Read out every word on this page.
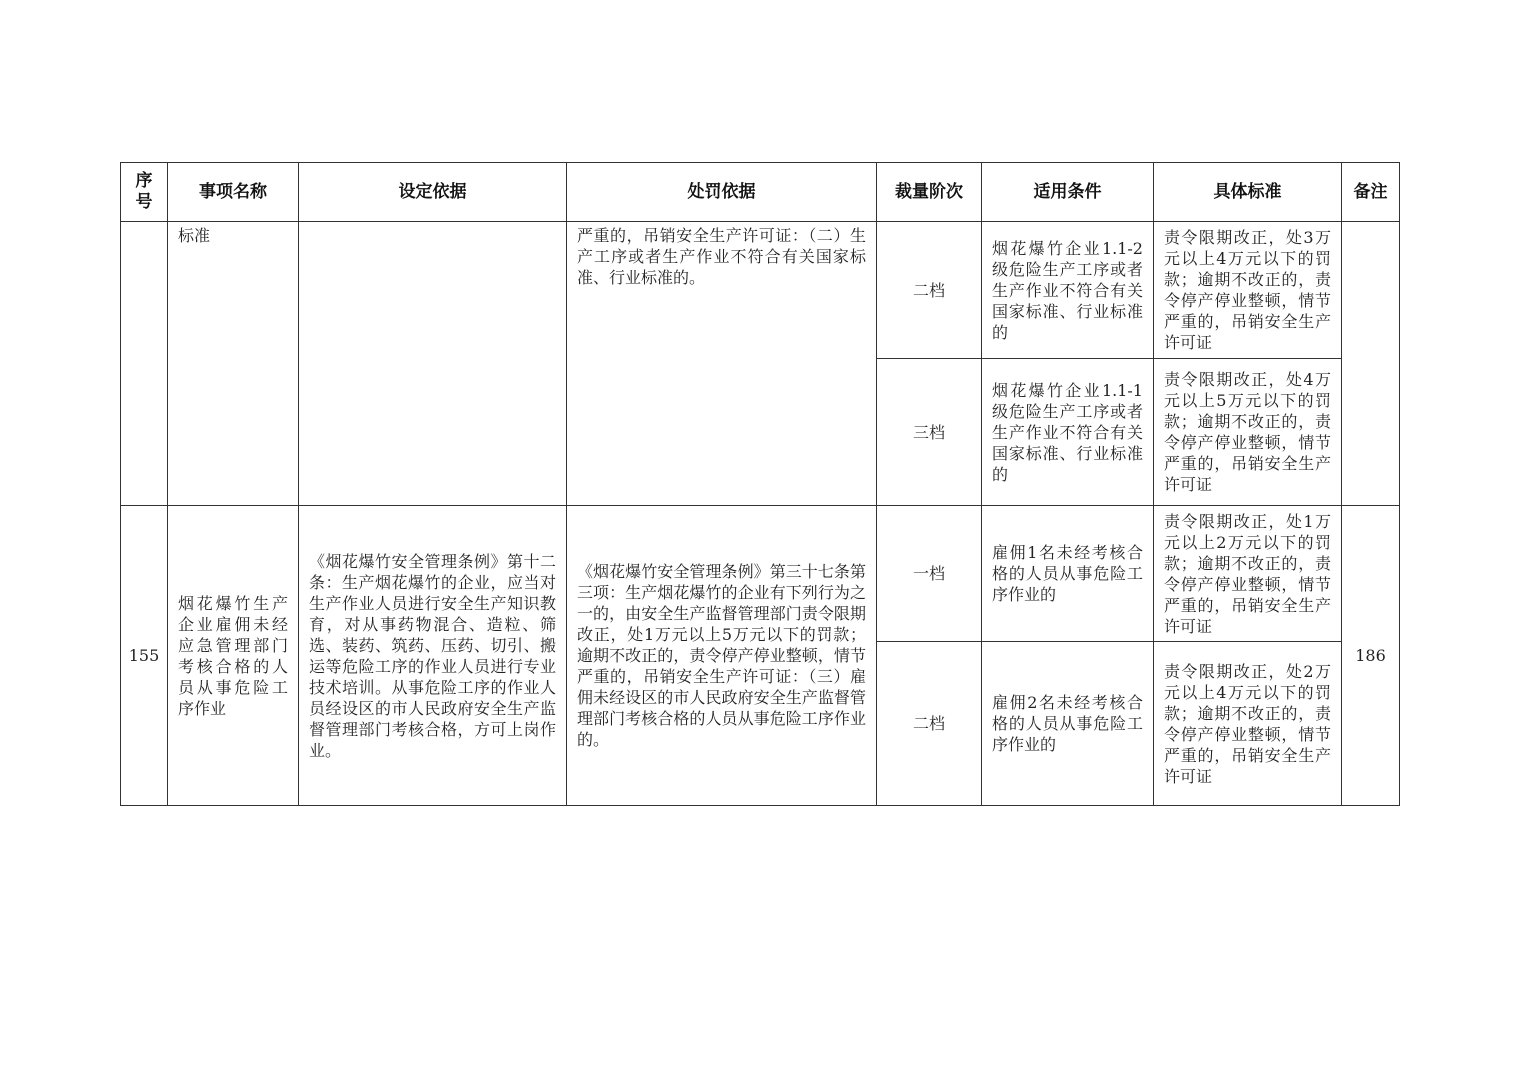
序号	事项名称	设定依据	处罚依据	裁量阶次	适用条件	具体标准	备注

	标准		严重的，吊销安全生产许可证：（二）生产工序或者生产作业不符合有关国家标准、行业标准的。	二档	烟花爆竹企业1.1-2级危险生产工序或者生产作业不符合有关国家标准、行业标准的	责令限期改正，处3万元以上4万元以下的罚款；逾期不改正的，责令停产停业整顿，情节严重的，吊销安全生产许可证	

				三档	烟花爆竹企业1.1-1级危险生产工序或者生产作业不符合有关国家标准、行业标准的	责令限期改正，处4万元以上5万元以下的罚款；逾期不改正的，责令停产停业整顿，情节严重的，吊销安全生产许可证	

155	烟花爆竹生产企业雇佣未经应急管理部门考核合格的人员从事危险工序作业	《烟花爆竹安全管理条例》第十二条：生产烟花爆竹的企业，应当对生产作业人员进行安全生产知识教育，对从事药物混合、造粒、筛选、装药、筑药、压药、切引、搬运等危险工序的作业人员进行专业技术培训。从事危险工序的作业人员经设区的市人民政府安全生产监督管理部门考核合格，方可上岗作业。	《烟花爆竹安全管理条例》第三十七条第三项：生产烟花爆竹的企业有下列行为之一的，由安全生产监督管理部门责令限期改正，处1万元以上5万元以下的罚款；逾期不改正的，责令停产停业整顿，情节严重的，吊销安全生产许可证：（三）雇佣未经设区的市人民政府安全生产监督管理部门考核合格的人员从事危险工序作业的。	一档	雇佣1名未经考核合格的人员从事危险工序作业的	责令限期改正，处1万元以上2万元以下的罚款；逾期不改正的，责令停产停业整顿，情节严重的，吊销安全生产许可证	186
				二档	雇佣2名未经考核合格的人员从事危险工序作业的	责令限期改正，处2万元以上4万元以下的罚款；逾期不改正的，责令停产停业整顿，情节严重的，吊销安全生产许可证	
